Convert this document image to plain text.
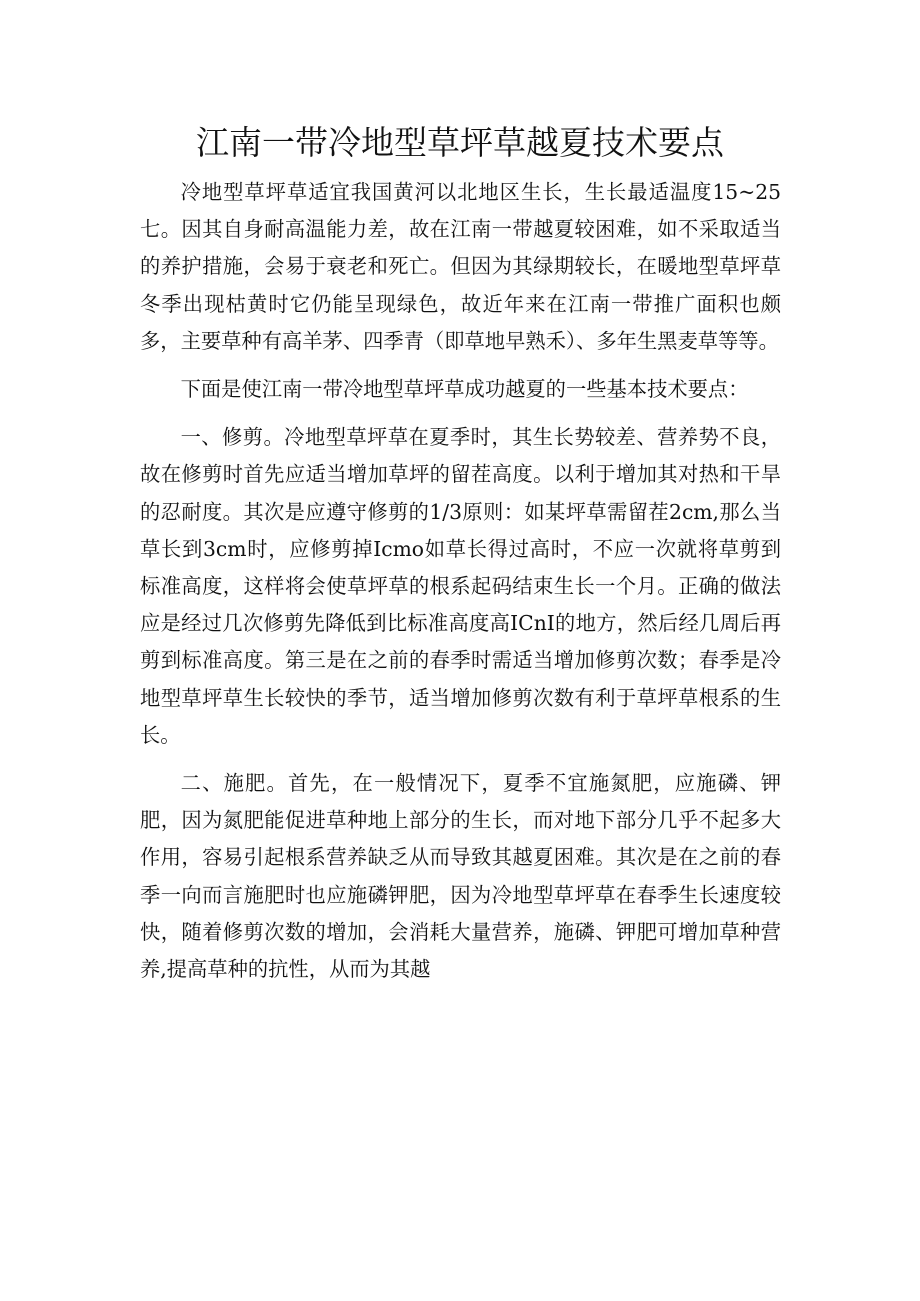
江南一带冷地型草坪草越夏技术要点

冷地型草坪草适宜我国黄河以北地区生长，生长最适温度15~25七。因其自身耐高温能力差，故在江南一带越夏较困难，如不采取适当的养护措施，会易于衰老和死亡。但因为其绿期较长，在暖地型草坪草冬季出现枯黄时它仍能呈现绿色，故近年来在江南一带推广面积也颇多，主要草种有高羊茅、四季青（即草地早熟禾）、多年生黑麦草等等。

下面是使江南一带冷地型草坪草成功越夏的一些基本技术要点：

一、修剪。冷地型草坪草在夏季时，其生长势较差、营养势不良，故在修剪时首先应适当增加草坪的留茬高度。以利于增加其对热和干旱的忍耐度。其次是应遵守修剪的1/3原则：如某坪草需留茬2cm,那么当草长到3cm时，应修剪掉Icmo如草长得过高时，不应一次就将草剪到标准高度，这样将会使草坪草的根系起码结束生长一个月。正确的做法应是经过几次修剪先降低到比标准高度高ICnI的地方，然后经几周后再剪到标准高度。第三是在之前的春季时需适当增加修剪次数；春季是冷地型草坪草生长较快的季节，适当增加修剪次数有利于草坪草根系的生长。

二、施肥。首先，在一般情况下，夏季不宜施氮肥，应施磷、钾肥，因为氮肥能促进草种地上部分的生长，而对地下部分几乎不起多大作用，容易引起根系营养缺乏从而导致其越夏困难。其次是在之前的春季一向而言施肥时也应施磷钾肥，因为冷地型草坪草在春季生长速度较快，随着修剪次数的增加，会消耗大量营养，施磷、钾肥可增加草种营养,提高草种的抗性，从而为其越
